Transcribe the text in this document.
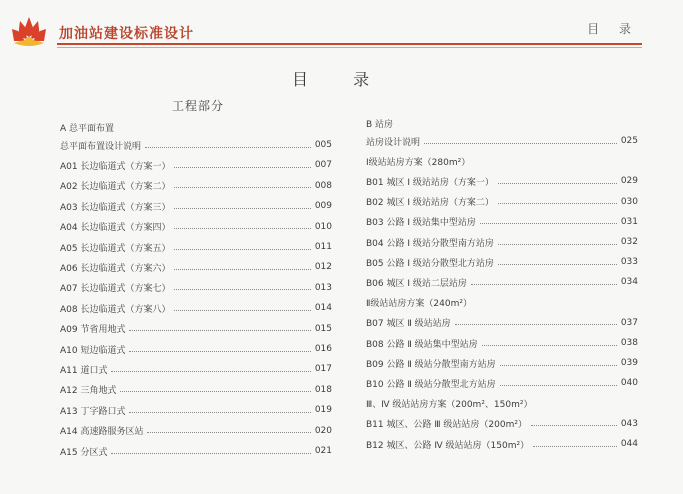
加油站建设标准设计	目 录
目 录
工程部分
A 总平面布置
总平面布置设计说明	005
A01 长边临道式（方案一）	007
A02 长边临道式（方案二）	008
A03 长边临道式（方案三）	009
A04 长边临道式（方案四）	010
A05 长边临道式（方案五）	011
A06 长边临道式（方案六）	012
A07 长边临道式（方案七）	013
A08 长边临道式（方案八）	014
A09 节省用地式	015
A10 短边临道式	016
A11 道口式	017
A12 三角地式	018
A13 丁字路口式	019
A14 高速路服务区站	020
A15 分区式	021
B 站房
站房设计说明	025
Ⅰ级站站房方案（280m²）
B01 城区 Ⅰ 级站站房（方案一）	029
B02 城区 Ⅰ 级站站房（方案二）	030
B03 公路 Ⅰ 级站集中型站房	031
B04 公路 Ⅰ 级站分散型南方站房	032
B05 公路 Ⅰ 级站分散型北方站房	033
B06 城区 Ⅰ 级站二层站房	034
Ⅱ级站站房方案（240m²）
B07 城区 Ⅱ 级站站房	037
B08 公路 Ⅱ 级站集中型站房	038
B09 公路 Ⅱ 级站分散型南方站房	039
B10 公路 Ⅱ 级站分散型北方站房	040
Ⅲ、Ⅳ 级站站房方案（200m²、150m²）
B11 城区、公路 Ⅲ 级站站房（200m²）	043
B12 城区、公路 Ⅳ 级站站房（150m²）	044
